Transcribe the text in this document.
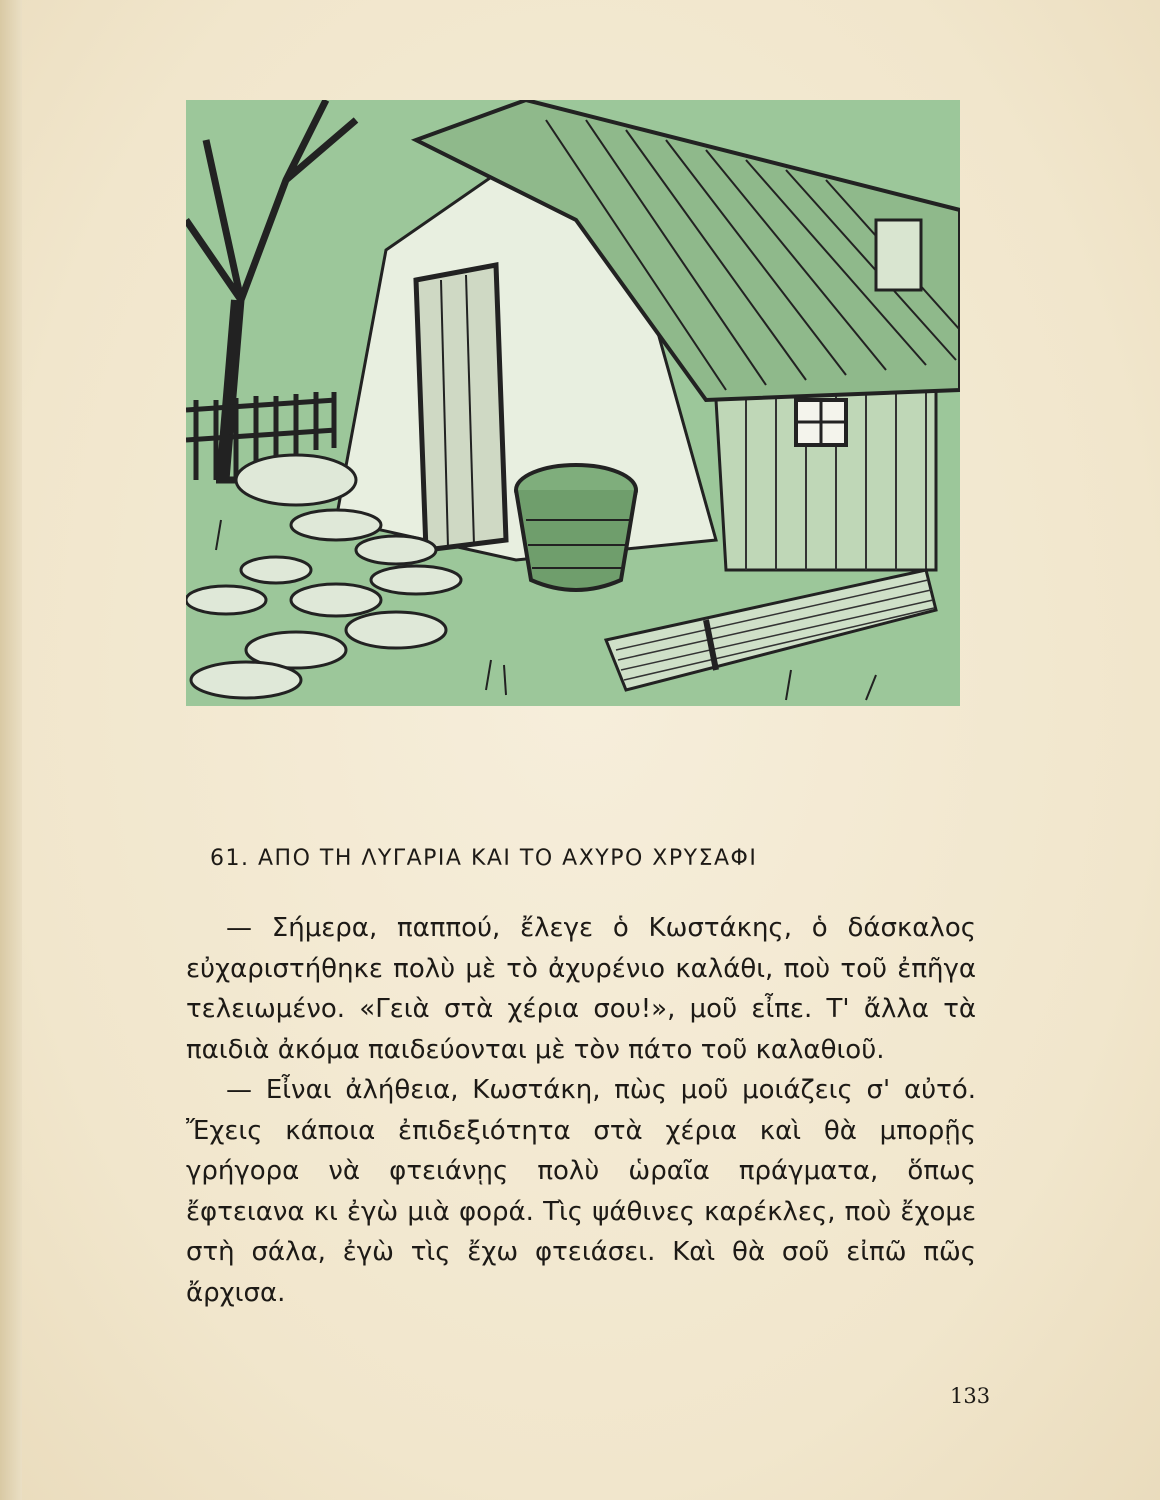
61. ΑΠΟ ΤΗ ΛΥΓΑΡΙΑ ΚΑΙ ΤΟ ΑΧΥΡΟ ΧΡΥΣΑΦΙ

— Σήμερα, παππού, ἔλεγε ὁ Κωστάκης, ὁ δάσκαλος εὐχαριστήθηκε πολὺ μὲ τὸ ἀχυρένιο καλάθι, ποὺ τοῦ ἐπῆγα τελειωμένο. «Γειὰ στὰ χέρια σου!», μοῦ εἶπε. Τ' ἄλλα τὰ παιδιὰ ἀκόμα παιδεύονται μὲ τὸν πάτο τοῦ καλαθιοῦ.

— Εἶναι ἀλήθεια, Κωστάκη, πὼς μοῦ μοιάζεις σ' αὐτό. Ἔχεις κάποια ἐπιδεξιότητα στὰ χέρια καὶ θὰ μπορῇς γρήγορα νὰ φτειάνῃς πολὺ ὡραῖα πράγματα, ὅπως ἔφτειανα κι ἐγὼ μιὰ φορά. Τὶς ψάθινες καρέκλες, ποὺ ἔχομε στὴ σάλα, ἐγὼ τὶς ἔχω φτειάσει. Καὶ θὰ σοῦ εἰπῶ πῶς ἄρχισα.

133
